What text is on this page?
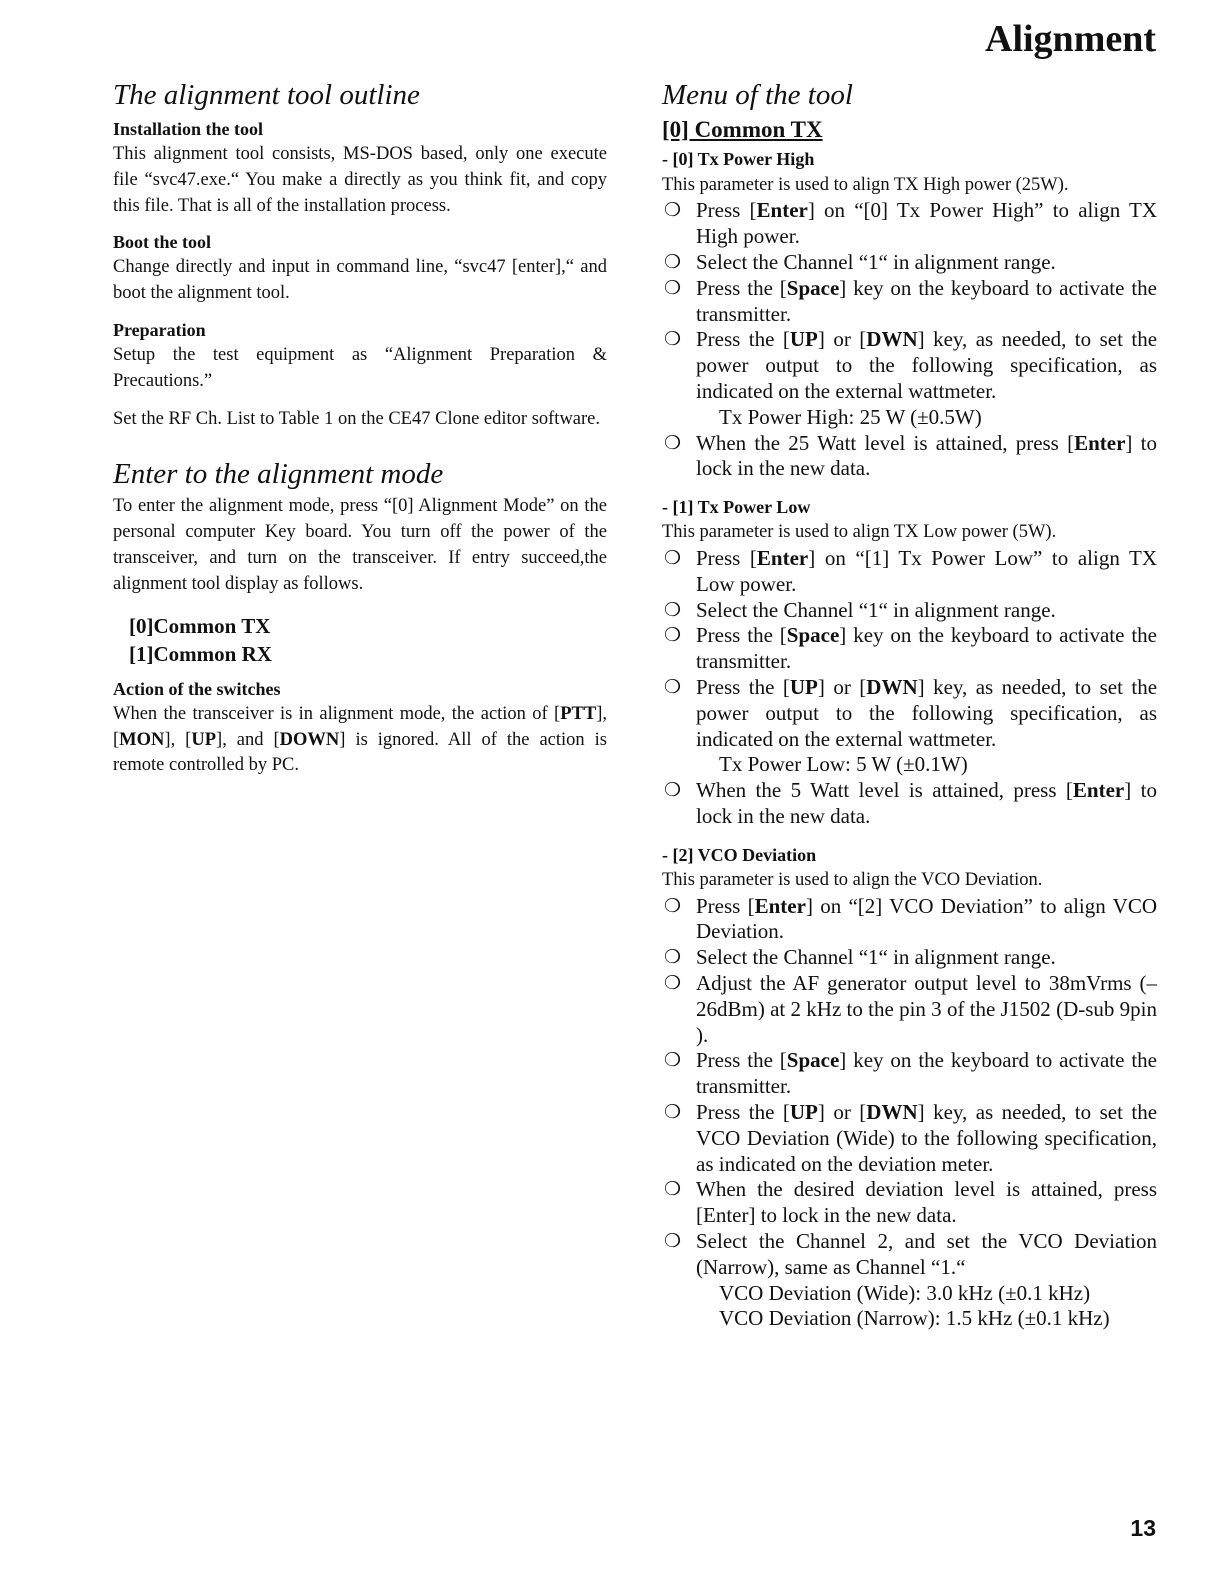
Alignment
The alignment tool outline
Installation the tool

This alignment tool consists, MS-DOS based, only one execute file “svc47.exe.“ You make a directly as you think fit, and copy this file. That is all of the installation process.

Boot the tool

Change directly and input in command line, “svc47 [enter],“ and boot the alignment tool.

Preparation

Setup the test equipment as “Alignment Preparation & Precautions.”

Set the RF Ch. List to Table 1 on the CE47 Clone editor software.

Enter to the alignment mode

To enter the alignment mode, press “[0] Alignment Mode” on the personal computer Key board. You turn off the power of the transceiver, and turn on the transceiver. If entry succeed,the alignment tool display as follows.

[0]Common TX
[1]Common RX
Action of the switches

When the transceiver is in alignment mode, the action of [PTT], [MON], [UP], and [DOWN] is ignored. All of the action is remote controlled by PC.

Menu of the tool
[0] Common TX
- [0] Tx Power High

This parameter is used to align TX High power (25W).

❍ Press [Enter] on “[0] Tx Power High” to align TX High power.
❍ Select the Channel “1“ in alignment range.
❍ Press the [Space] key on the keyboard to activate the transmitter.
❍ Press the [UP] or [DWN] key, as needed, to set the power output to the following specification, as indicated on the external wattmeter.
Tx Power High: 25 W (±0.5W)
❍ When the 25 Watt level is attained, press [Enter] to lock in the new data.
- [1] Tx Power Low

This parameter is used to align TX Low power (5W).

❍ Press [Enter] on “[1] Tx Power Low” to align TX Low power.
❍ Select the Channel “1“ in alignment range.
❍ Press the [Space] key on the keyboard to activate the transmitter.
❍ Press the [UP] or [DWN] key, as needed, to set the power output to the following specification, as indicated on the external wattmeter.
Tx Power Low: 5 W (±0.1W)
❍ When the 5 Watt level is attained, press [Enter] to lock in the new data.
- [2] VCO Deviation

This parameter is used to align the VCO Deviation.

❍ Press [Enter] on “[2] VCO Deviation” to align VCO Deviation.
❍ Select the Channel “1“ in alignment range.
❍ Adjust the AF generator output level to 38mVrms (–26dBm) at 2 kHz to the pin 3 of the J1502 (D-sub 9pin ).
❍ Press the [Space] key on the keyboard to activate the transmitter.
❍ Press the [UP] or [DWN] key, as needed, to set the VCO Deviation (Wide) to the following specification, as indicated on the deviation meter.
❍ When the desired deviation level is attained, press [Enter] to lock in the new data.
❍ Select the Channel 2, and set the VCO Deviation (Narrow), same as Channel “1.“
VCO Deviation (Wide): 3.0 kHz (±0.1 kHz)
VCO Deviation (Narrow): 1.5 kHz (±0.1 kHz)
13
